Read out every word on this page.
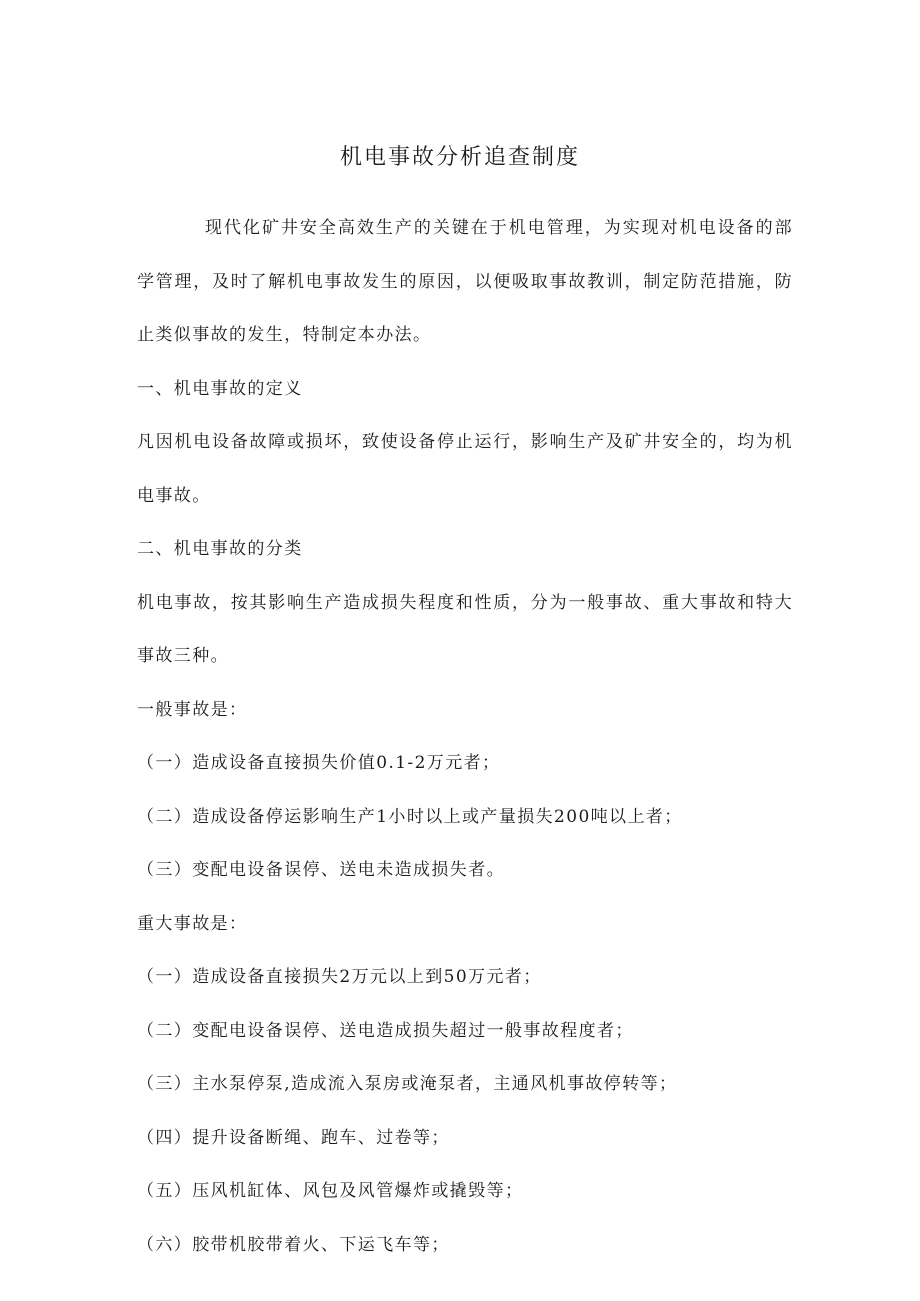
机电事故分析追查制度

现代化矿井安全高效生产的关键在于机电管理，为实现对机电设备的部学管理，及时了解机电事故发生的原因，以便吸取事故教训，制定防范措施，防止类似事故的发生，特制定本办法。

一、机电事故的定义

凡因机电设备故障或损坏，致使设备停止运行，影响生产及矿井安全的，均为机电事故。

二、机电事故的分类

机电事故，按其影响生产造成损失程度和性质，分为一般事故、重大事故和特大事故三种。

一般事故是：

（一）造成设备直接损失价值0.1-2万元者；

（二）造成设备停运影响生产1小时以上或产量损失200吨以上者；

（三）变配电设备误停、送电未造成损失者。

重大事故是：

（一）造成设备直接损失2万元以上到50万元者；

（二）变配电设备误停、送电造成损失超过一般事故程度者；

（三）主水泵停泵,造成流入泵房或淹泵者，主通风机事故停转等；

（四）提升设备断绳、跑车、过卷等；

（五）压风机缸体、风包及风管爆炸或撬毁等；

（六）胶带机胶带着火、下运飞车等；
